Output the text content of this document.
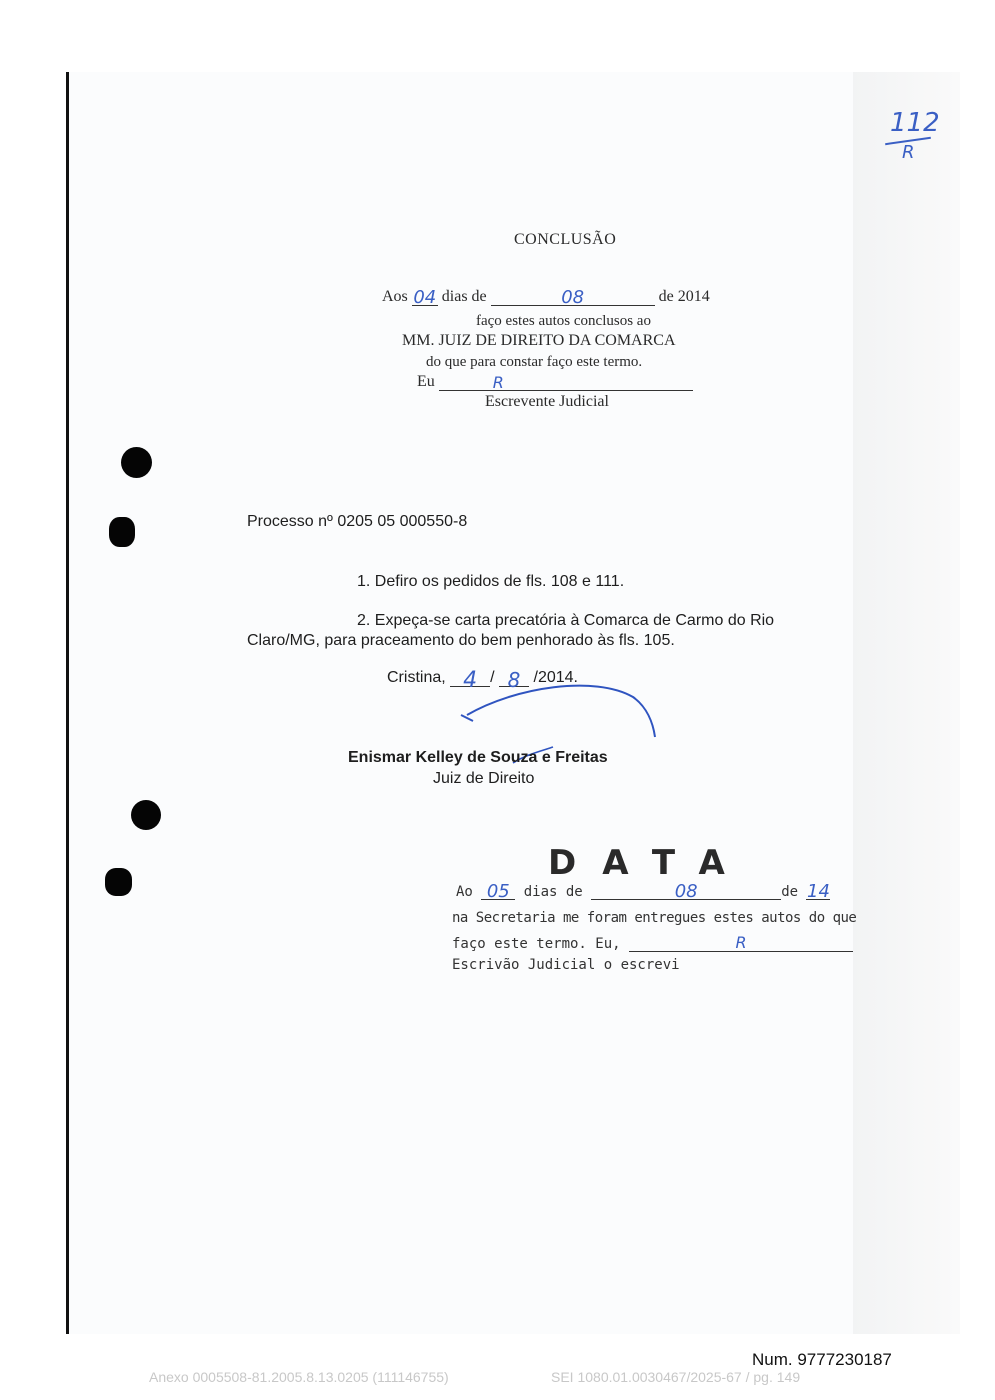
112
R
CONCLUSÃO
Aos 04 dias de	08	de 2014
faço estes autos conclusos ao
MM. JUIZ DE DIREITO DA COMARCA
do que para constar faço este termo.
Eu	R
Escrevente Judicial
Processo nº 0205 05 000550-8
1. Defiro os pedidos de fls. 108 e 111.
2. Expeça-se carta precatória à Comarca de Carmo do Rio
Claro/MG, para praceamento do bem penhorado às fls. 105.
Cristina, 4 / 8 /2014.
Enismar Kelley de Souza e Freitas
Juiz de Direito
DATA
Ao 05 dias de	08	de 14
na Secretaria me foram entregues estes autos do que
faço este termo. Eu,	R
Escrivão Judicial o escrevi
Num. 9777230187
Anexo 0005508-81.2005.8.13.0205 (111146755)	SEI 1080.01.0030467/2025-67 / pg. 149
